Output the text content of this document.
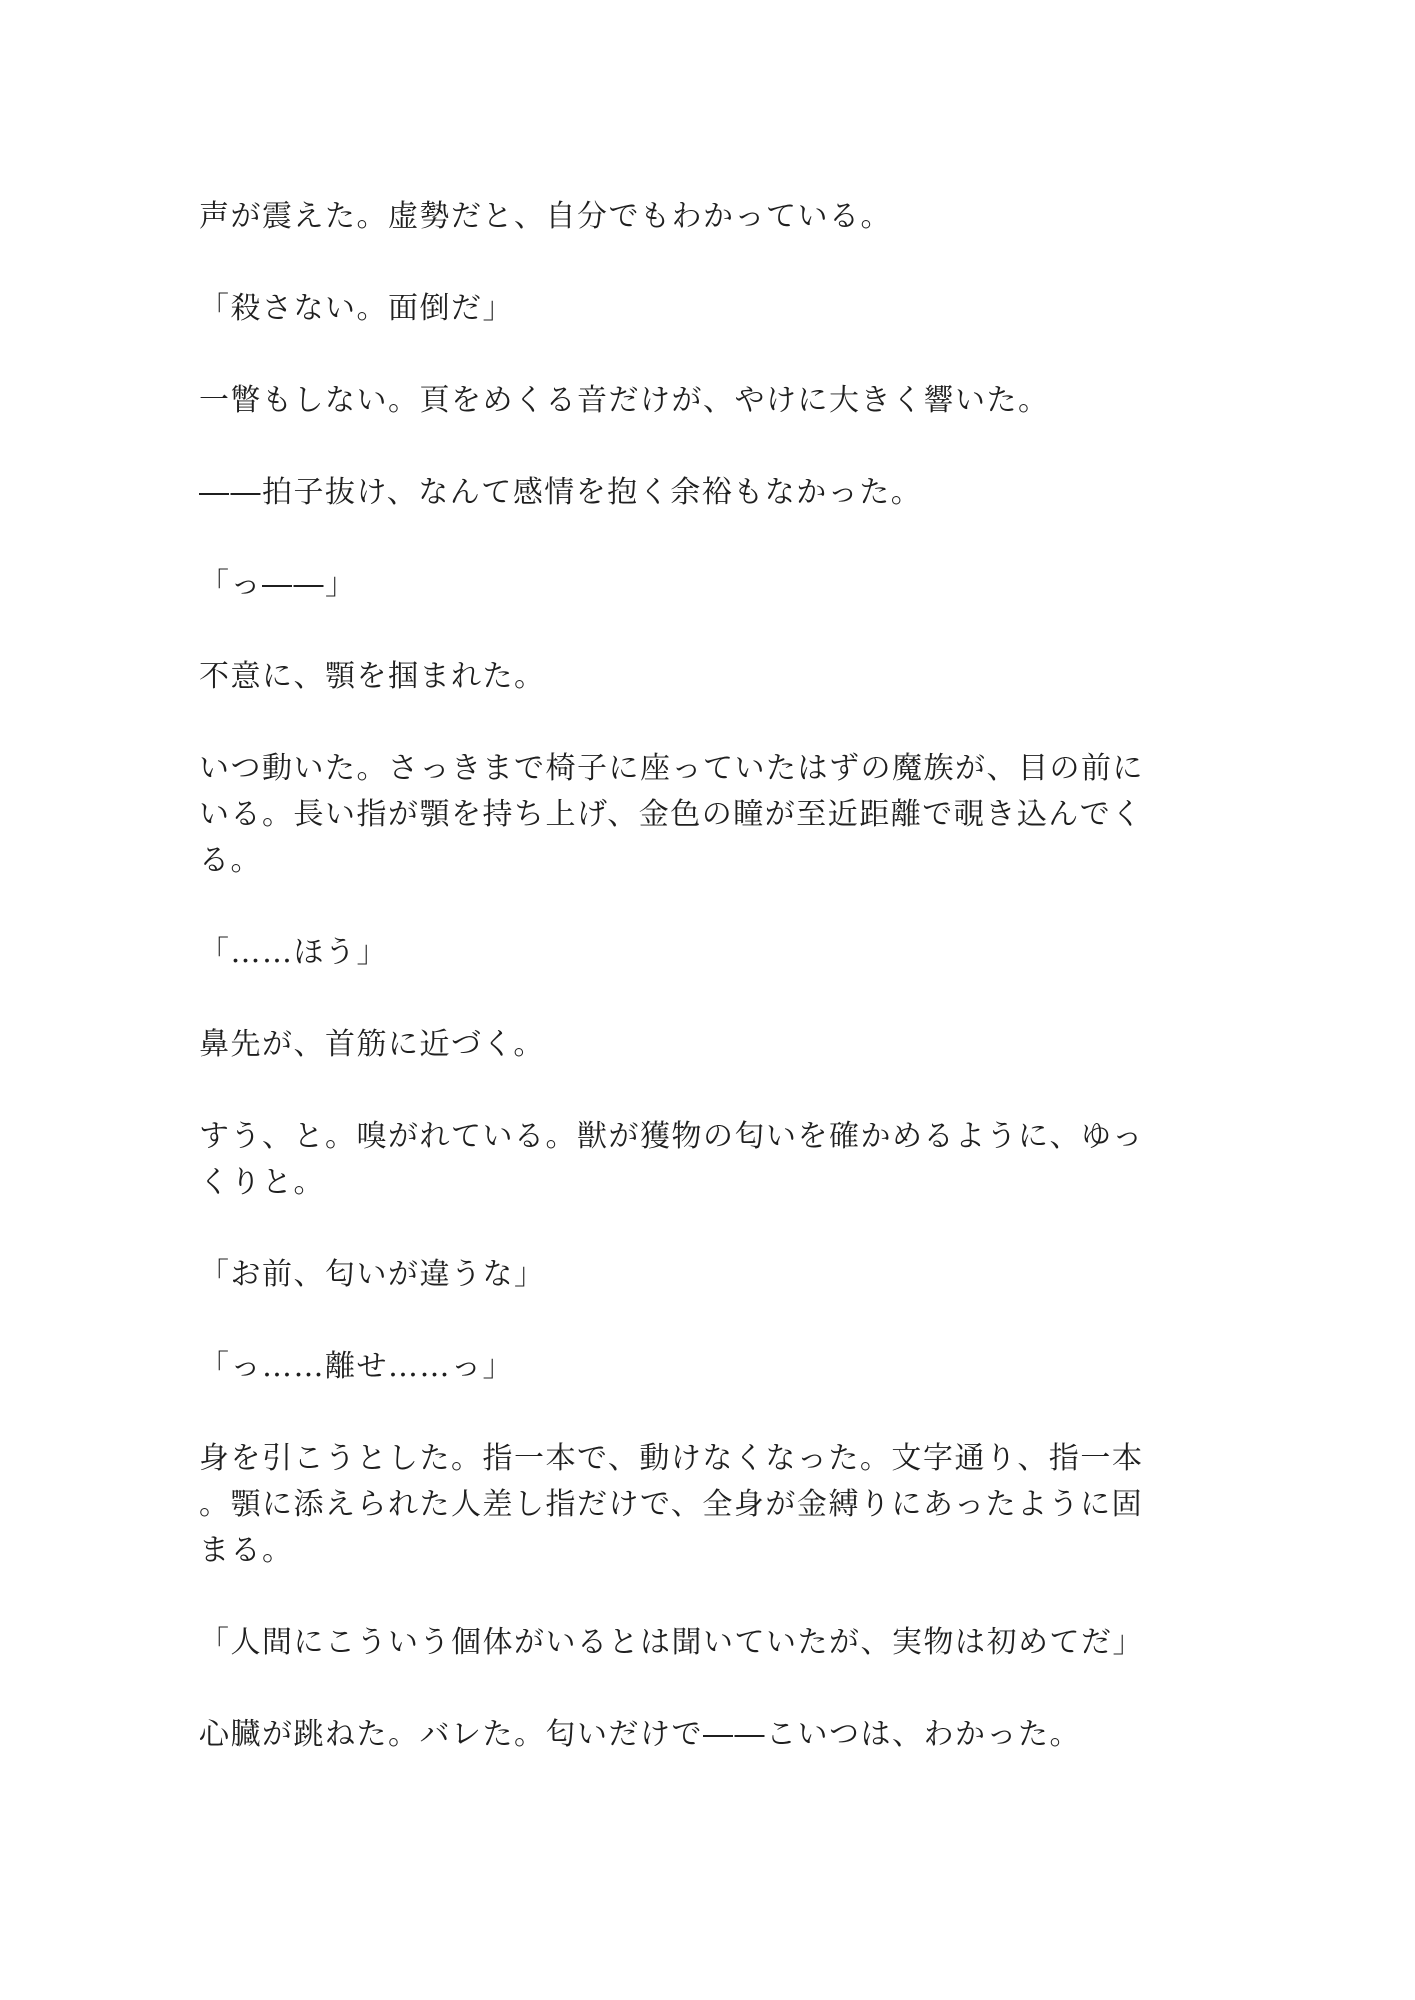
声が震えた。虚勢だと、自分でもわかっている。

「殺さない。面倒だ」

一瞥もしない。頁をめくる音だけが、やけに大きく響いた。

――拍子抜け、なんて感情を抱く余裕もなかった。

「っ――」

不意に、顎を掴まれた。

いつ動いた。さっきまで椅子に座っていたはずの魔族が、目の前にいる。長い指が顎を持ち上げ、金色の瞳が至近距離で覗き込んでくる。

「……ほう」

鼻先が、首筋に近づく。

すう、と。嗅がれている。獣が獲物の匂いを確かめるように、ゆっくりと。

「お前、匂いが違うな」

「っ……離せ……っ」

身を引こうとした。指一本で、動けなくなった。文字通り、指一本。顎に添えられた人差し指だけで、全身が金縛りにあったように固まる。

「人間にこういう個体がいるとは聞いていたが、実物は初めてだ」

心臓が跳ねた。バレた。匂いだけで――こいつは、わかった。
